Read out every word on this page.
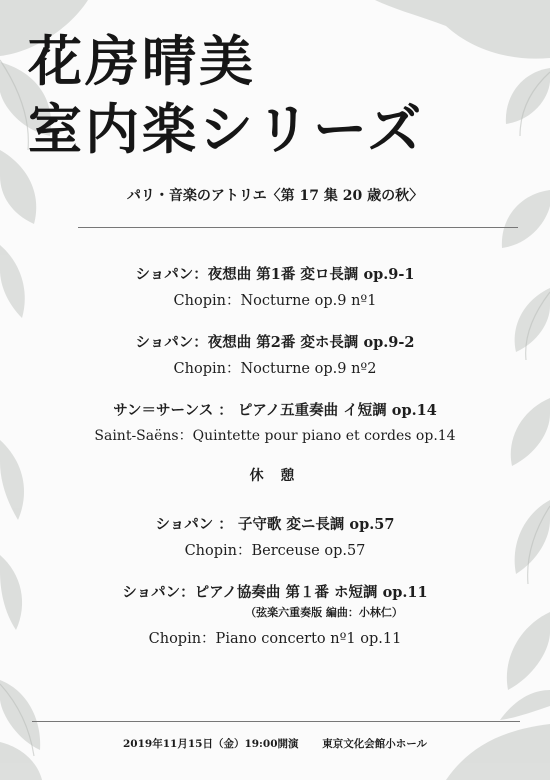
花房晴美
室内楽シリーズ
パリ・音楽のアトリエ〈第 17 集 20 歳の秋〉
ショパン：夜想曲 第1番 変ロ長調 op.9-1
Chopin：Nocturne op.9 nº1
ショパン：夜想曲 第2番 変ホ長調 op.9-2
Chopin：Nocturne op.9 nº2
サン＝サーンス ： ピアノ五重奏曲 イ短調 op.14
Saint-Saëns：Quintette pour piano et cordes op.14
休 憩
ショパン ： 子守歌 変ニ長調 op.57
Chopin：Berceuse op.57
ショパン：ピアノ協奏曲 第１番 ホ短調 op.11
（弦楽六重奏版 編曲：小林仁）
Chopin：Piano concerto nº1 op.11
2019年11月15日（金）19:00開演 東京文化会館小ホール
